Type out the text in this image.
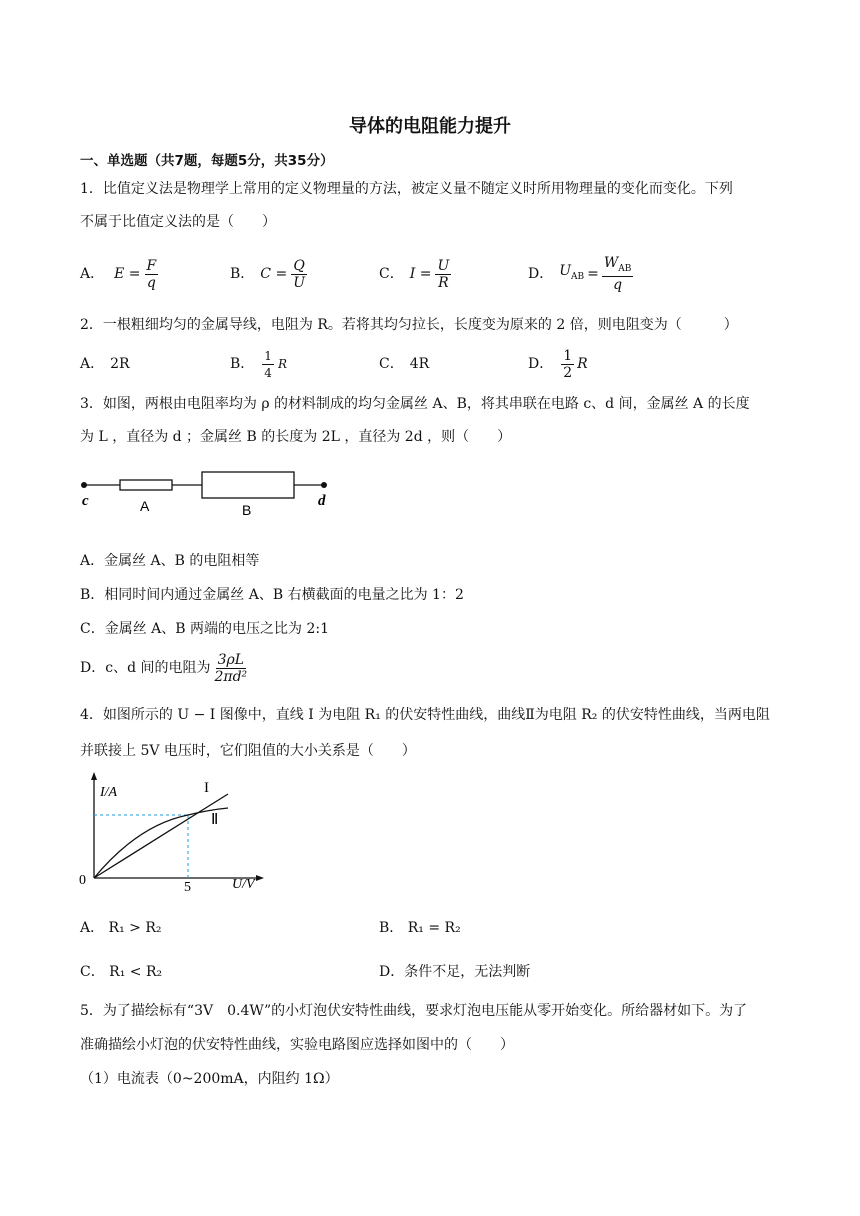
导体的电阻能力提升
一、单选题（共7题，每题5分，共35分）
1．比值定义法是物理学上常用的定义物理量的方法，被定义量不随定义时所用物理量的变化而变化。下列
不属于比值定义法的是（　　）
A． $E = \frac{F}{q}$	B． $C = \frac{Q}{U}$	C． $I = \frac{U}{R}$	D． $U_{AB} = \frac{W_{AB}}{q}$
2．一根粗细均匀的金属导线，电阻为 R。若将其均匀拉长，长度变为原来的 2 倍，则电阻变为（　　　）
A． 2R	B． $\frac{1}{4}$ R	C． 4R	D． $\frac{1}{2}$ R
3．如图，两根由电阻率均为 ρ 的材料制成的均匀金属丝 A、B，将其串联在电路 c、d 间，金属丝 A 的长度
为 L ，直径为 d ；金属丝 B 的长度为 2L ，直径为 2d ，则（　　）
c	A	B
d
A．金属丝 A、B 的电阻相等
B．相同时间内通过金属丝 A、B 右横截面的电量之比为 1：2
C．金属丝 A、B 两端的电压之比为 2:1
D．c、d 间的电阻为 $\frac{3\rho L}{\text{2πd²}}$
4．如图所示的 U − I 图像中，直线 I 为电阻 R₁ 的伏安特性曲线，曲线Ⅱ为电阻 R₂ 的伏安特性曲线，当两电阻
并联接上 5V 电压时，它们阻值的大小关系是（　　）
I/A
U/V
0	5
I
Ⅱ
A． R₁ > R₂	B． R₁ = R₂
C． R₁ < R₂	D．条件不足，无法判断
5．为了描绘标有“3V　0.4W”的小灯泡伏安特性曲线，要求灯泡电压能从零开始变化。所给器材如下。为了
准确描绘小灯泡的伏安特性曲线，实验电路图应选择如图中的（　　）
（1）电流表（0~200mA，内阻约 1Ω）
